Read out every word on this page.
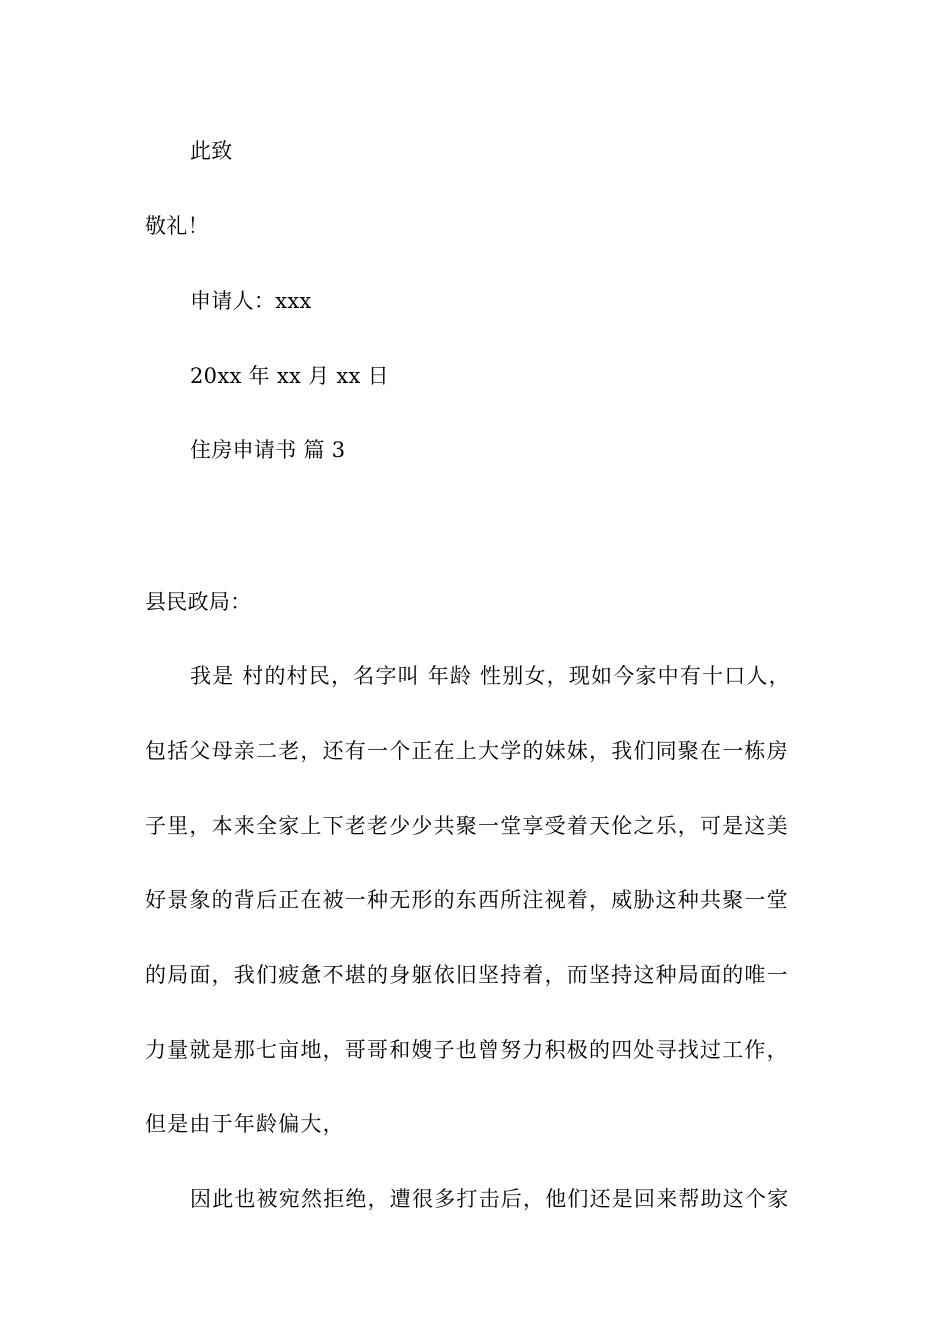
此致
敬礼！
申请人：xxx
20xx 年 xx 月 xx 日
住房申请书 篇 3
县民政局：
我是 村的村民，名字叫 年龄 性别女，现如今家中有十口人，
包括父母亲二老，还有一个正在上大学的妹妹，我们同聚在一栋房
子里，本来全家上下老老少少共聚一堂享受着天伦之乐，可是这美
好景象的背后正在被一种无形的东西所注视着，威胁这种共聚一堂
的局面，我们疲惫不堪的身躯依旧坚持着，而坚持这种局面的唯一
力量就是那七亩地，哥哥和嫂子也曾努力积极的四处寻找过工作，
但是由于年龄偏大，
因此也被宛然拒绝，遭很多打击后，他们还是回来帮助这个家
